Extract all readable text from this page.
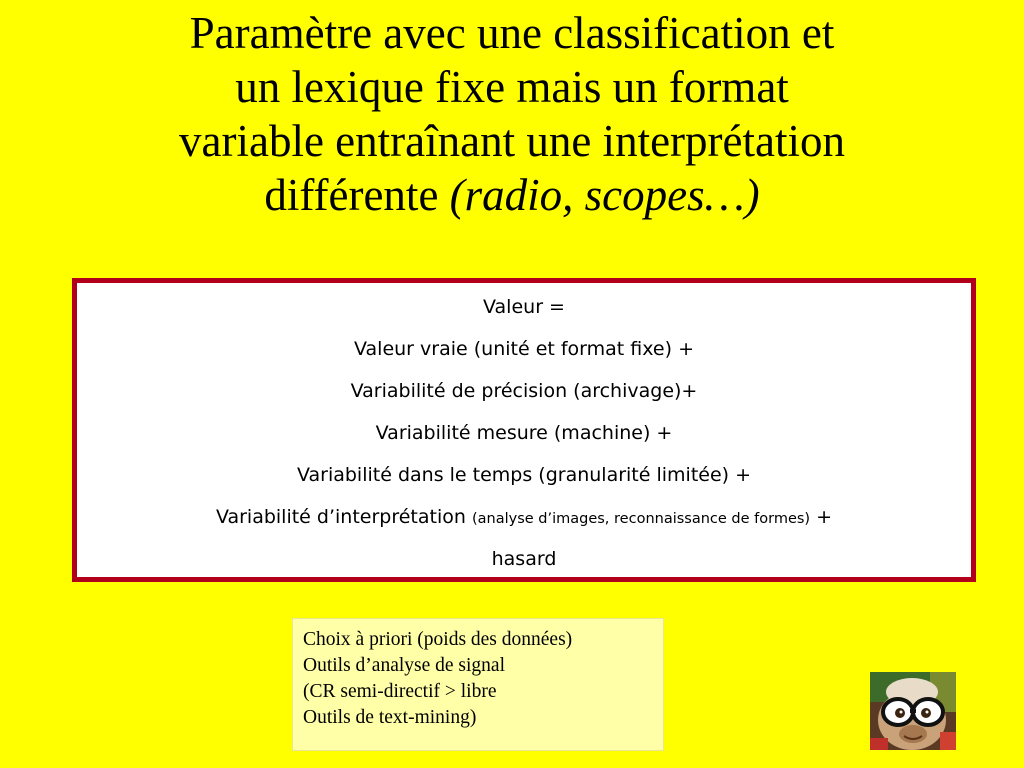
Paramètre avec une classification et
un lexique fixe mais un format
variable entraînant une interprétation
différente (radio, scopes…)
Valeur =
Valeur vraie (unité et format fixe) +
Variabilité de précision (archivage)+
Variabilité mesure (machine) +
Variabilité dans le temps (granularité limitée) +
Variabilité d’interprétation (analyse d’images, reconnaissance de formes) +
hasard
Choix à priori (poids des données)
Outils d’analyse de signal
(CR semi-directif > libre
Outils de text-mining)
